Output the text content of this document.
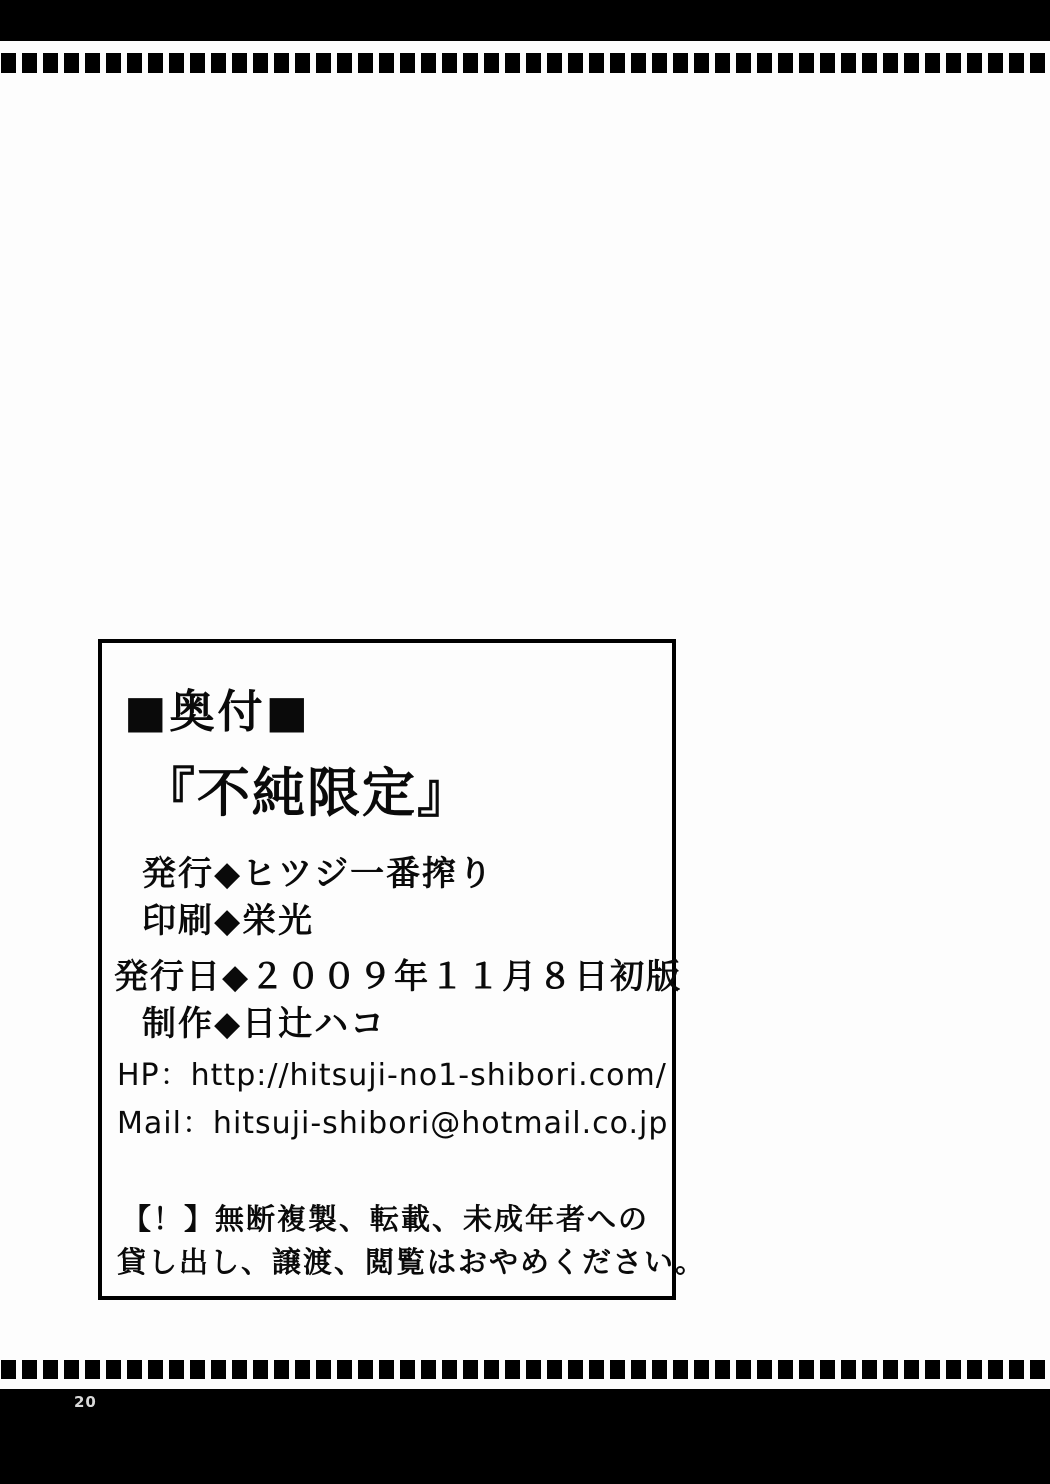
■奥付■
『不純限定』
発行◆ヒツジ一番搾り
印刷◆栄光
発行日◆２００９年１１月８日初版
制作◆日辻ハコ
HP：http://hitsuji-no1-shibori.com/
Mail：hitsuji-shibori@hotmail.co.jp
【！】無断複製、転載、未成年者への
貸し出し、譲渡、閲覧はおやめください。
20
